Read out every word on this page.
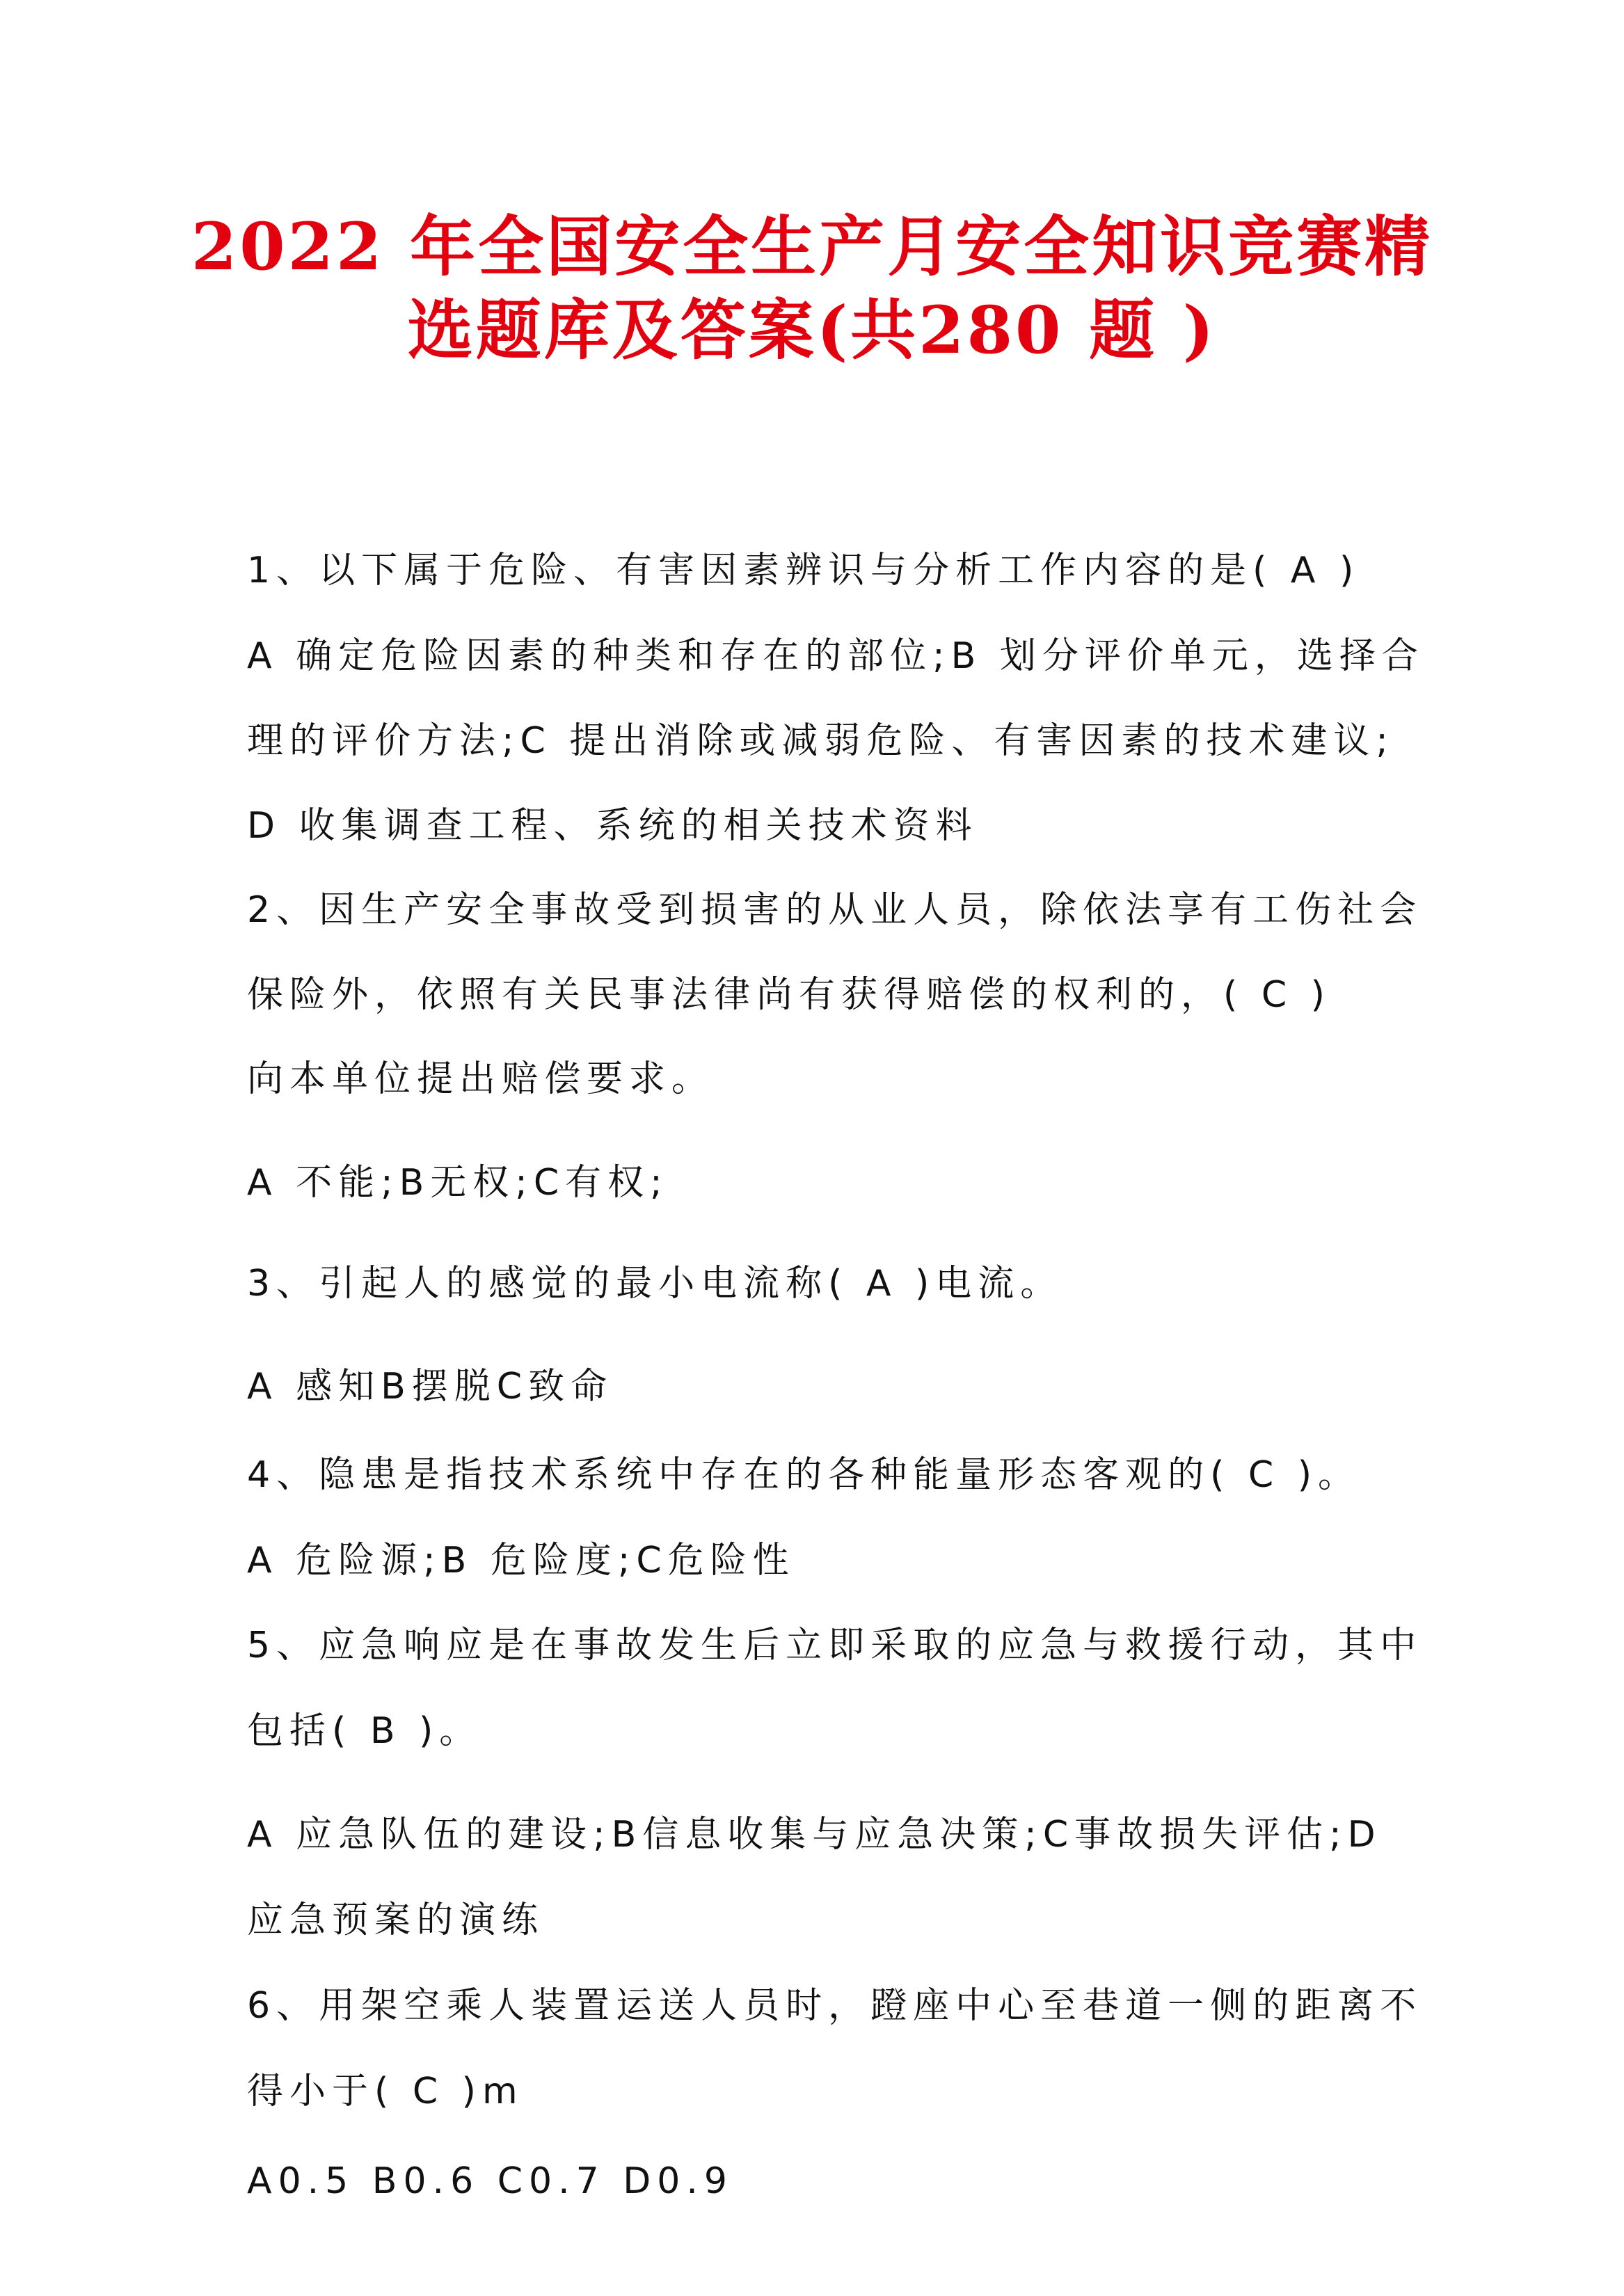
2022 年全国安全生产月安全知识竞赛精
选题库及答案(共280 题 )
1、以下属于危险、有害因素辨识与分析工作内容的是( A )
A 确定危险因素的种类和存在的部位;B 划分评价单元，选择合
理的评价方法;C 提出消除或减弱危险、有害因素的技术建议;
D 收集调查工程、系统的相关技术资料
2、因生产安全事故受到损害的从业人员，除依法享有工伤社会
保险外，依照有关民事法律尚有获得赔偿的权利的，( C )
向本单位提出赔偿要求。
A 不能;B无权;C有权;
3、引起人的感觉的最小电流称( A )电流。
A 感知B摆脱C致命
4、隐患是指技术系统中存在的各种能量形态客观的( C )。
A 危险源;B 危险度;C危险性
5、应急响应是在事故发生后立即采取的应急与救援行动，其中
包括( B )。
A 应急队伍的建设;B信息收集与应急决策;C事故损失评估;D
应急预案的演练
6、用架空乘人装置运送人员时，蹬座中心至巷道一侧的距离不
得小于( C )m
A0.5 B0.6 C0.7 D0.9
